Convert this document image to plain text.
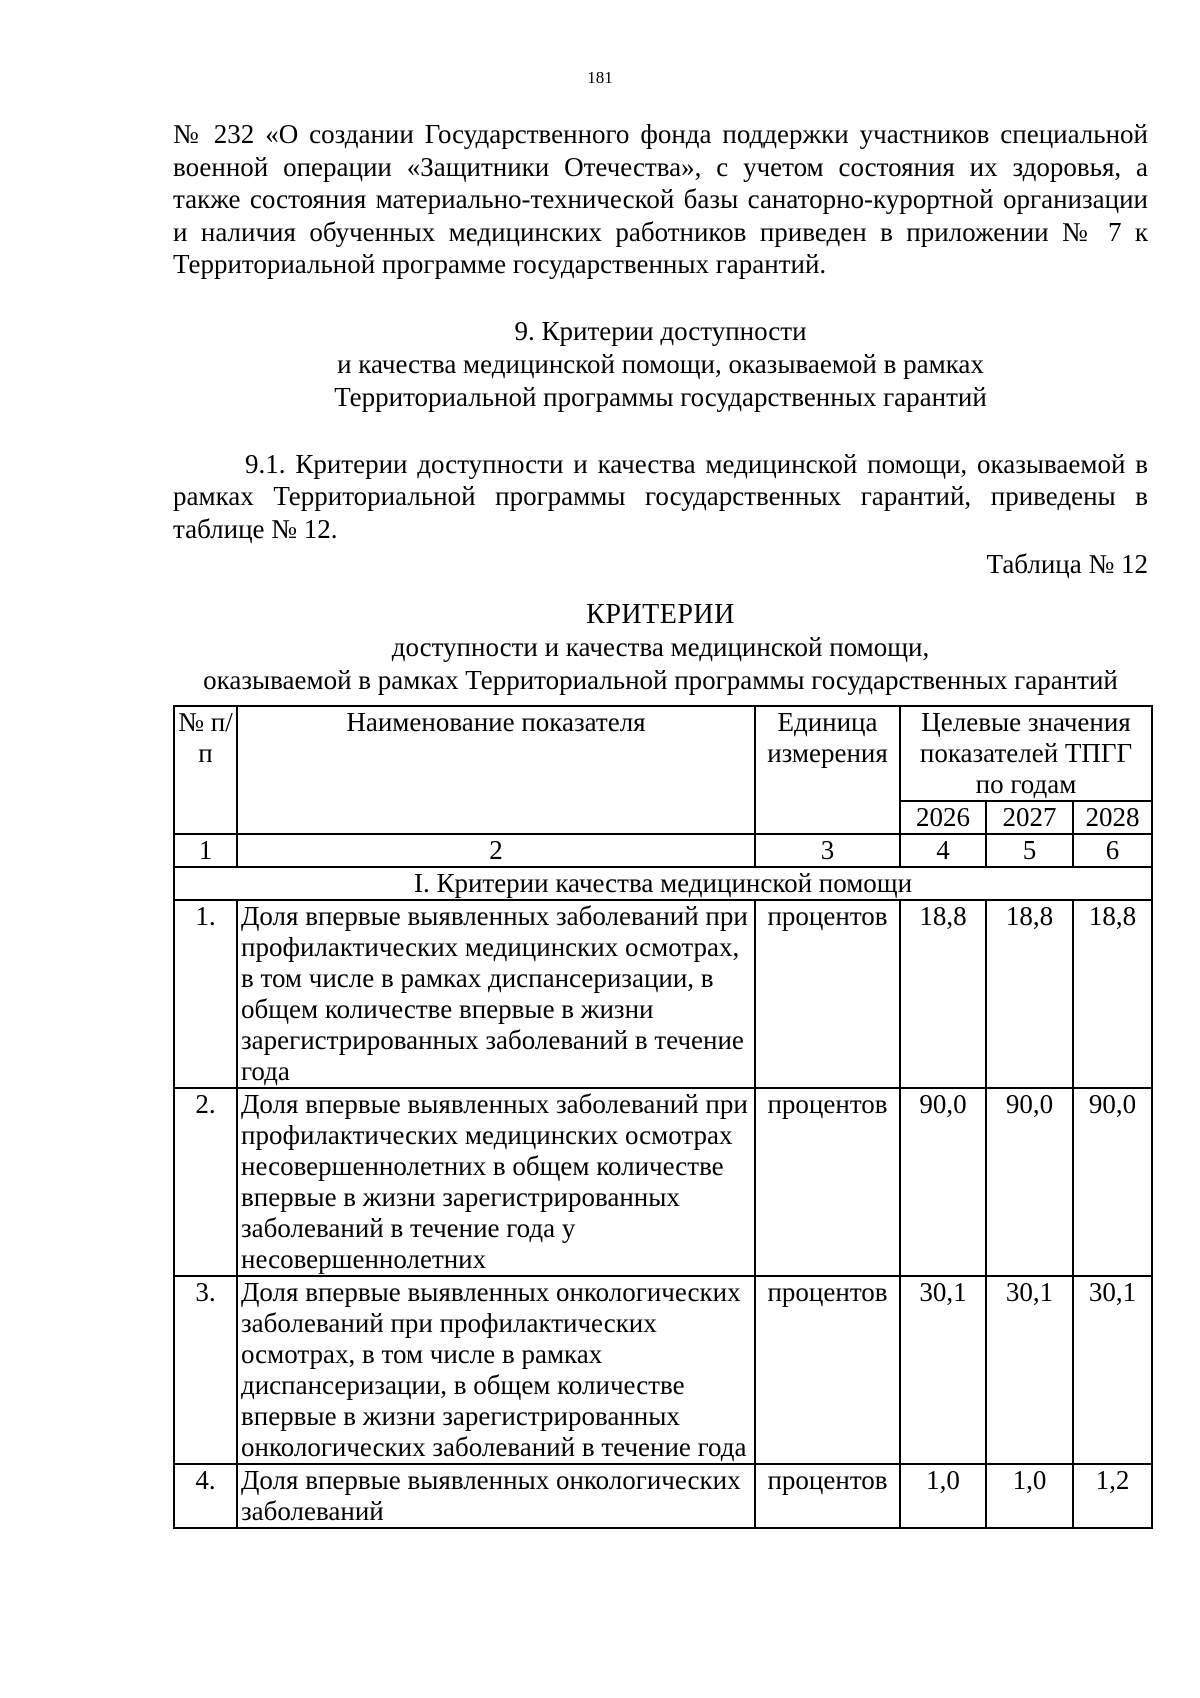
181

№ 232 «О создании Государственного фонда поддержки участников специальной военной операции «Защитники Отечества», с учетом состояния их здоровья, а также состояния материально-технической базы санаторно-курортной организации и наличия обученных медицинских работников приведен в приложении № 7 к Территориальной программе государственных гарантий.

9. Критерии доступности
и качества медицинской помощи, оказываемой в рамках
Территориальной программы государственных гарантий

9.1. Критерии доступности и качества медицинской помощи, оказываемой в рамках Территориальной программы государственных гарантий, приведены в таблице № 12.

Таблица № 12
КРИТЕРИИ
доступности и качества медицинской помощи,
оказываемой в рамках Территориальной программы государственных гарантий
№ п/п	Наименование показателя	Единица измерения	Целевые значения показателей ТПГГ по годам		
			2026	2027	2028
1	2	3	4	5	6
I. Критерии качества медицинской помощи					
1.	Доля впервые выявленных заболеваний при профилактических медицинских осмотрах, в том числе в рамках диспансеризации, в общем количестве впервые в жизни зарегистрированных заболеваний в течение года	процентов	18,8	18,8	18,8
2.	Доля впервые выявленных заболеваний при профилактических медицинских осмотрах несовершеннолетних в общем количестве впервые в жизни зарегистрированных заболеваний в течение года у несовершеннолетних	процентов	90,0	90,0	90,0
3.	Доля впервые выявленных онкологических заболеваний при профилактических осмотрах, в том числе в рамках диспансеризации, в общем количестве впервые в жизни зарегистрированных онкологических заболеваний в течение года	процентов	30,1	30,1	30,1
4.	Доля впервые выявленных онкологических заболеваний	процентов	1,0	1,0	1,2
